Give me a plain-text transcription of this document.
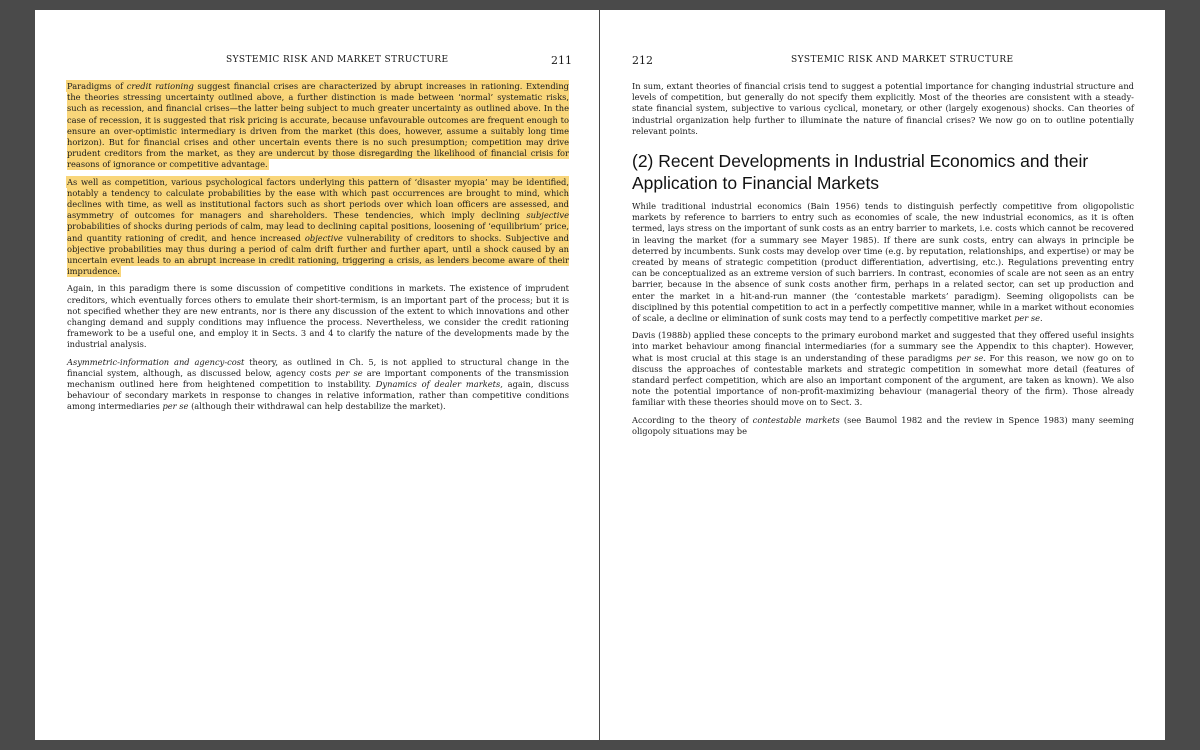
SYSTEMIC RISK AND MARKET STRUCTURE	211

Paradigms of credit rationing suggest financial crises are characterized by abrupt increases in rationing. Extending the theories stressing uncertainty outlined above, a further distinction is made between ‘normal’ systematic risks, such as recession, and financial crises—the latter being subject to much greater uncertainty as outlined above. In the case of recession, it is suggested that risk pricing is accurate, because unfavourable outcomes are frequent enough to ensure an over-optimistic intermediary is driven from the market (this does, however, assume a suitably long time horizon). But for financial crises and other uncertain events there is no such presumption; competition may drive prudent creditors from the market, as they are undercut by those disregarding the likelihood of financial crisis for reasons of ignorance or competitive advantage.

As well as competition, various psychological factors underlying this pattern of ‘disaster myopia’ may be identified, notably a tendency to calculate probabilities by the ease with which past occurrences are brought to mind, which declines with time, as well as institutional factors such as short periods over which loan officers are assessed, and asymmetry of outcomes for managers and shareholders. These tendencies, which imply declining subjective probabilities of shocks during periods of calm, may lead to declining capital positions, loosening of ‘equilibrium’ price, and quantity rationing of credit, and hence increased objective vulnerability of creditors to shocks. Subjective and objective probabilities may thus during a period of calm drift further and further apart, until a shock caused by an uncertain event leads to an abrupt increase in credit rationing, triggering a crisis, as lenders become aware of their imprudence.

Again, in this paradigm there is some discussion of competitive conditions in markets. The existence of imprudent creditors, which eventually forces others to emulate their short-termism, is an important part of the process; but it is not specified whether they are new entrants, nor is there any discussion of the extent to which innovations and other changing demand and supply conditions may influence the process. Nevertheless, we consider the credit rationing framework to be a useful one, and employ it in Sects. 3 and 4 to clarify the nature of the developments made by the industrial analysis.

Asymmetric-information and agency-cost theory, as outlined in Ch. 5, is not applied to structural change in the financial system, although, as discussed below, agency costs per se are important components of the transmission mechanism outlined here from heightened competition to instability. Dynamics of dealer markets, again, discuss behaviour of secondary markets in response to changes in relative information, rather than competitive conditions among intermediaries per se (although their withdrawal can help destabilize the market).

212	SYSTEMIC RISK AND MARKET STRUCTURE

In sum, extant theories of financial crisis tend to suggest a potential importance for changing industrial structure and levels of competition, but generally do not specify them explicitly. Most of the theories are consistent with a steady-state financial system, subjective to various cyclical, monetary, or other (largely exogenous) shocks. Can theories of industrial organization help further to illuminate the nature of financial crises? We now go on to outline potentially relevant points.

(2) Recent Developments in Industrial Economics and their Application to Financial Markets

While traditional industrial economics (Bain 1956) tends to distinguish perfectly competitive from oligopolistic markets by reference to barriers to entry such as economies of scale, the new industrial economics, as it is often termed, lays stress on the important of sunk costs as an entry barrier to markets, i.e. costs which cannot be recovered in leaving the market (for a summary see Mayer 1985). If there are sunk costs, entry can always in principle be deterred by incumbents. Sunk costs may develop over time (e.g. by reputation, relationships, and expertise) or may be created by means of strategic competition (product differentiation, advertising, etc.). Regulations preventing entry can be conceptualized as an extreme version of such barriers. In contrast, economies of scale are not seen as an entry barrier, because in the absence of sunk costs another firm, perhaps in a related sector, can set up production and enter the market in a hit-and-run manner (the ‘contestable markets’ paradigm). Seeming oligopolists can be disciplined by this potential competition to act in a perfectly competitive manner, while in a market without economies of scale, a decline or elimination of sunk costs may tend to a perfectly competitive market per se.

Davis (1988b) applied these concepts to the primary eurobond market and suggested that they offered useful insights into market behaviour among financial intermediaries (for a summary see the Appendix to this chapter). However, what is most crucial at this stage is an understanding of these paradigms per se. For this reason, we now go on to discuss the approaches of contestable markets and strategic competition in somewhat more detail (features of standard perfect competition, which are also an important component of the argument, are taken as known). We also note the potential importance of non-profit-maximizing behaviour (managerial theory of the firm). Those already familiar with these theories should move on to Sect. 3.

According to the theory of contestable markets (see Baumol 1982 and the review in Spence 1983) many seeming oligopoly situations may be
